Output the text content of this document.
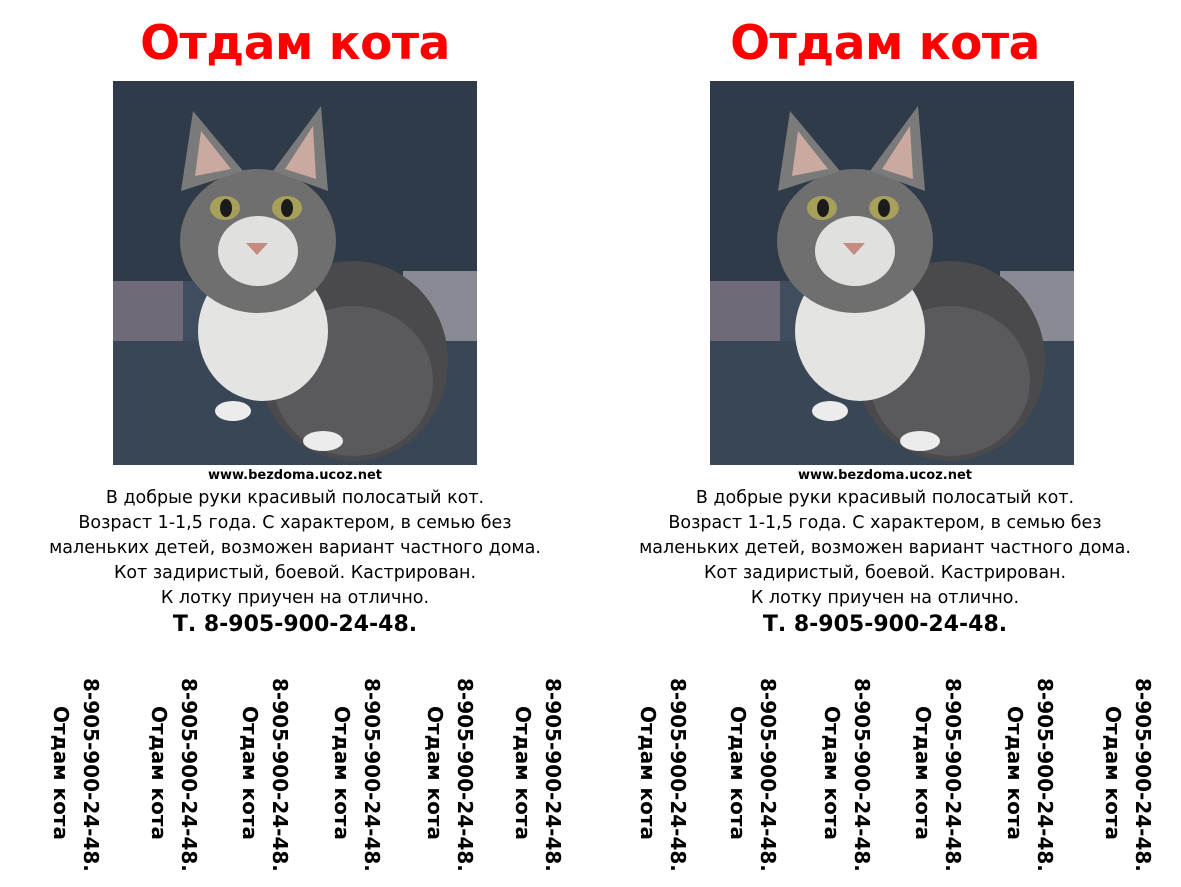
Отдам кота
www.bezdoma.ucoz.net
В добрые руки красивый полосатый кот.
Возраст 1-1,5 года. С характером, в семью без
маленьких детей, возможен вариант частного дома.
Кот задиристый, боевой. Кастрирован.
К лотку приучен на отлично.
Т. 8-905-900-24-48.
8-905-900-24-48.
Отдам кота	8-905-900-24-48.
Отдам кота	8-905-900-24-48.
Отдам кота	8-905-900-24-48.
Отдам кота	8-905-900-24-48.
Отдам кота	8-905-900-24-48.
Отдам кота
Отдам кота
www.bezdoma.ucoz.net
В добрые руки красивый полосатый кот.
Возраст 1-1,5 года. С характером, в семью без
маленьких детей, возможен вариант частного дома.
Кот задиристый, боевой. Кастрирован.
К лотку приучен на отлично.
Т. 8-905-900-24-48.
8-905-900-24-48.
Отдам кота	8-905-900-24-48.
Отдам кота	8-905-900-24-48.
Отдам кота	8-905-900-24-48.
Отдам кота	8-905-900-24-48.
Отдам кота	8-905-900-24-48.
Отдам кота
